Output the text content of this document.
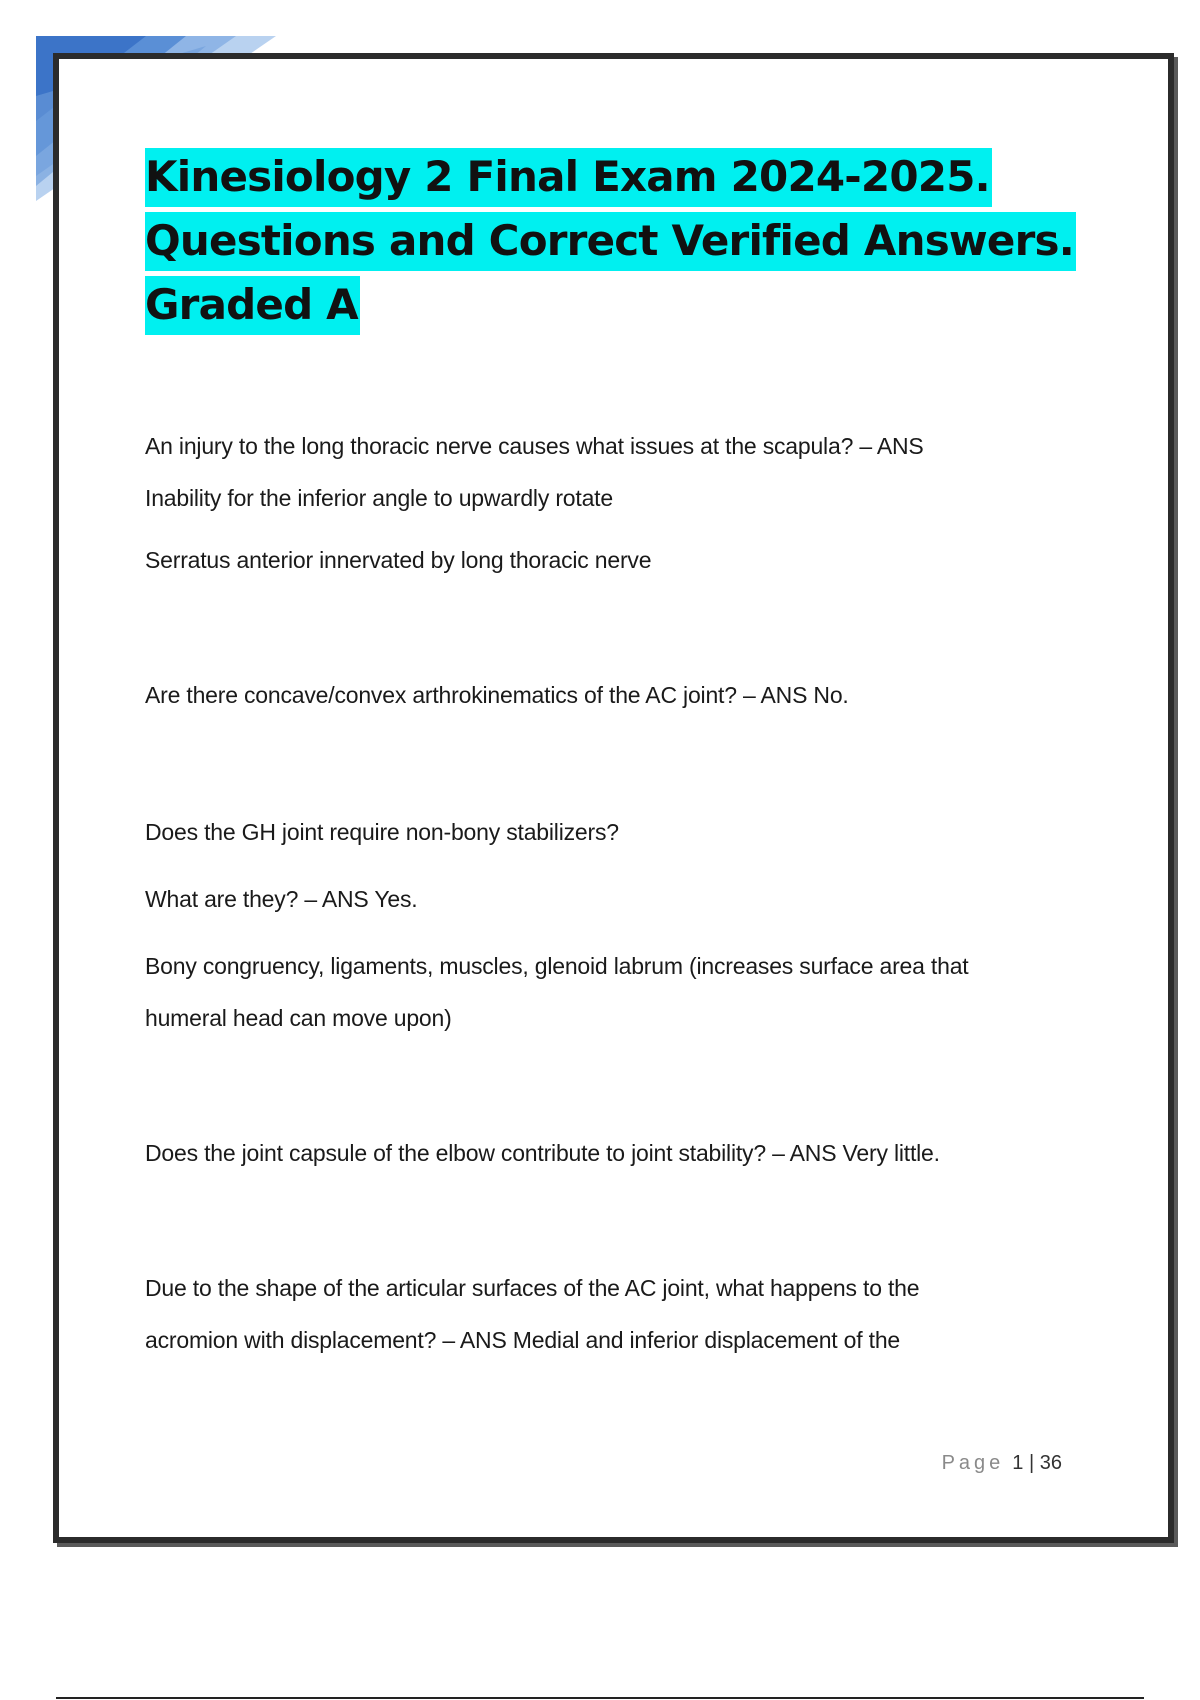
Kinesiology 2 Final Exam 2024-2025.
Questions and Correct Verified Answers.
Graded A

An injury to the long thoracic nerve causes what issues at the scapula? – ANS
Inability for the inferior angle to upwardly rotate

Serratus anterior innervated by long thoracic nerve

Are there concave/convex arthrokinematics of the AC joint? – ANS No.

Does the GH joint require non-bony stabilizers?

What are they? – ANS Yes.

Bony congruency, ligaments, muscles, glenoid labrum (increases surface area that
humeral head can move upon)

Does the joint capsule of the elbow contribute to joint stability? – ANS Very little.

Due to the shape of the articular surfaces of the AC joint, what happens to the
acromion with displacement? – ANS Medial and inferior displacement of the

Page 1 | 36
